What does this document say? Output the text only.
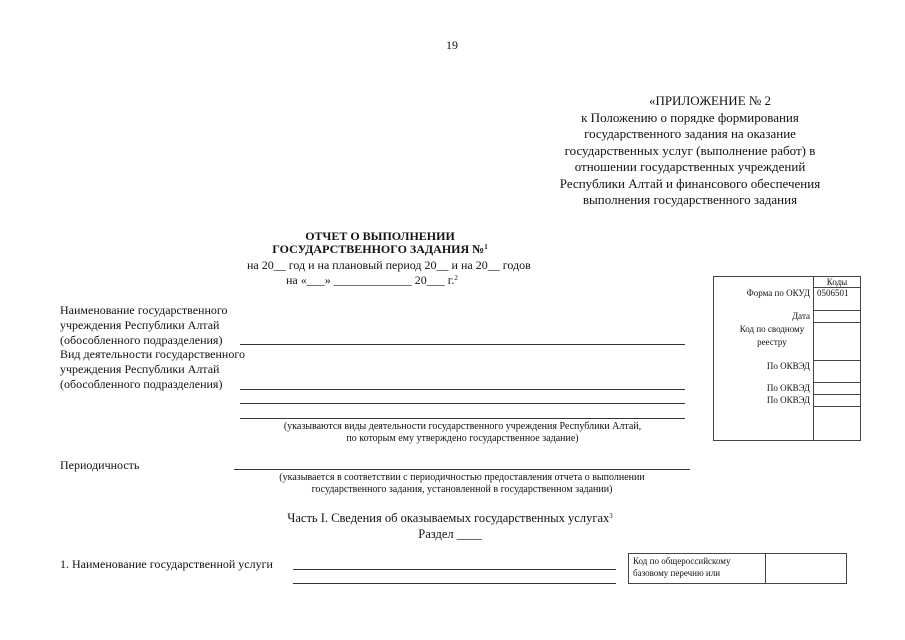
19
«ПРИЛОЖЕНИЕ № 2
к Положению о порядке формирования
государственного задания на оказание
государственных услуг (выполнение работ) в
отношении государственных учреждений
Республики Алтай и финансового обеспечения
выполнения государственного задания
ОТЧЕТ О ВЫПОЛНЕНИИ
ГОСУДАРСТВЕННОГО ЗАДАНИЯ №$^1$
на 20__ год и на плановый период 20__ и на 20__ годов
на «___» _____________ 20___ г.$^2$
Наименование государственного
учреждения Республики Алтай
(обособленного подразделения)
Вид деятельности государственного
учреждения Республики Алтай
(обособленного подразделения)
(указываются виды деятельности государственного учреждения Республики Алтай,
по которым ему утверждено государственное задание)
Периодичность
(указывается в соответствии с периодичностью предоставления отчета о выполнении
государственного задания, установленной в государственном задании)
	Коды
Форма по ОКУД	0506501
Дата	
Код по сводному реестру	
По ОКВЭД	
По ОКВЭД	
По ОКВЭД	

Часть I. Сведения об оказываемых государственных услугах$^3$
Раздел ____
1. Наименование государственной услуги	Код по общероссийскому
базовому перечню или
